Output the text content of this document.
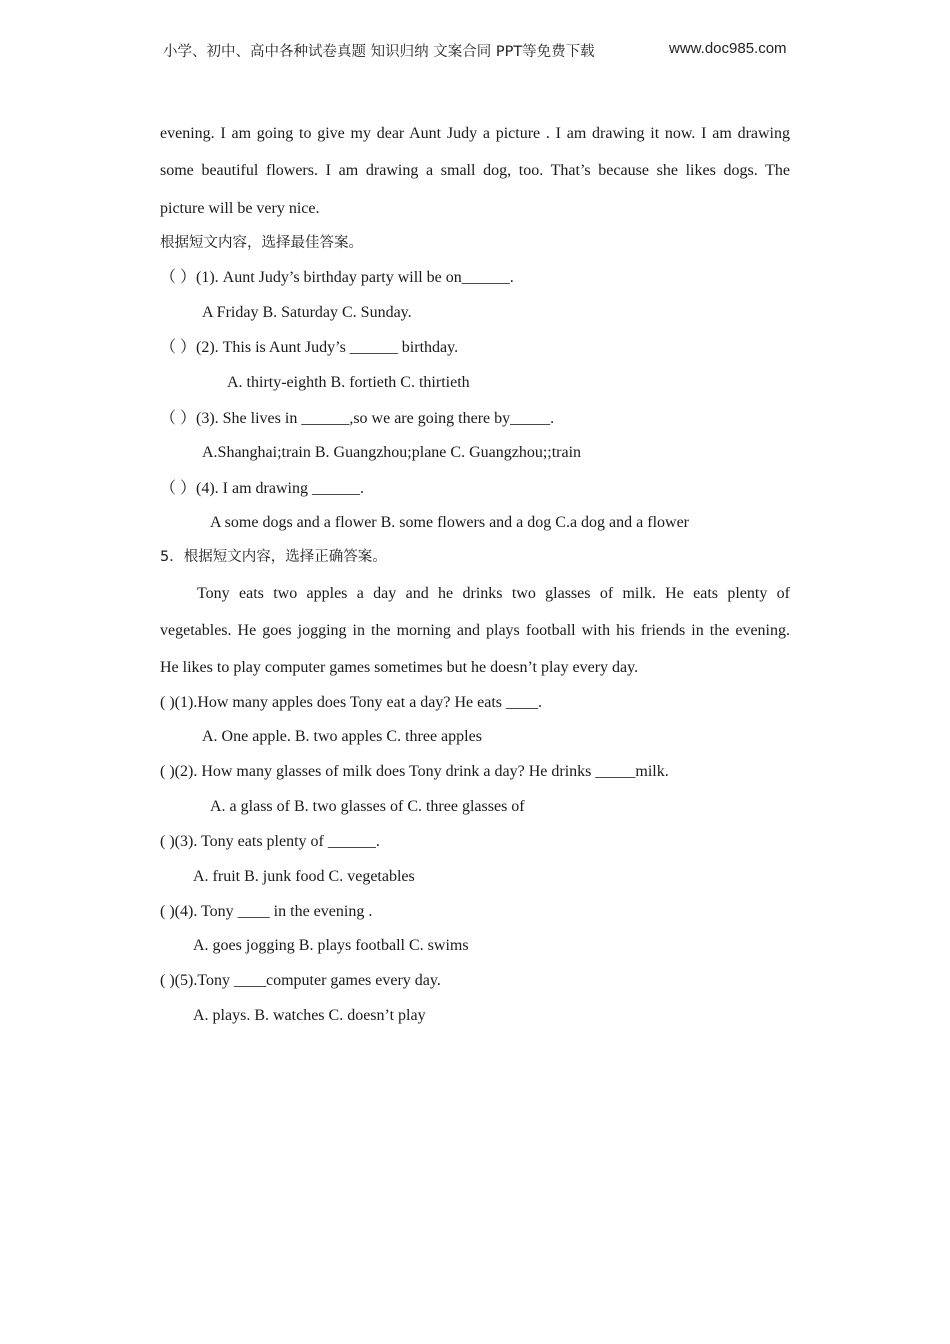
小学、初中、高中各种试卷真题 知识归纳 文案合同 PPT等免费下载	www.doc985.com
evening. I am going to give my dear Aunt Judy a picture . I am drawing it now. I am drawing
some beautiful flowers. I am drawing a small dog, too. That’s because she likes dogs. The
picture will be very nice.
根据短文内容，选择最佳答案。
（ ）(1). Aunt Judy’s birthday party will be on______.
A Friday B. Saturday C. Sunday.
（ ）(2). This is Aunt Judy’s ______ birthday.
A. thirty-eighth B. fortieth C. thirtieth
（ ）(3). She lives in ______,so we are going there by_____.
A.Shanghai;train B. Guangzhou;plane C. Guangzhou;;train
（ ）(4). I am drawing ______.
A some dogs and a flower B. some flowers and a dog C.a dog and a flower
5．根据短文内容，选择正确答案。
Tony eats two apples a day and he drinks two glasses of milk. He eats plenty of
vegetables. He goes jogging in the morning and plays football with his friends in the evening.
He likes to play computer games sometimes but he doesn’t play every day.
( )(1).How many apples does Tony eat a day? He eats ____.
A. One apple. B. two apples C. three apples
( )(2). How many glasses of milk does Tony drink a day? He drinks _____milk.
A. a glass of B. two glasses of C. three glasses of
( )(3). Tony eats plenty of ______.
A. fruit B. junk food C. vegetables
( )(4). Tony ____ in the evening .
A. goes jogging B. plays football C. swims
( )(5).Tony ____computer games every day.
A. plays. B. watches C. doesn’t play
